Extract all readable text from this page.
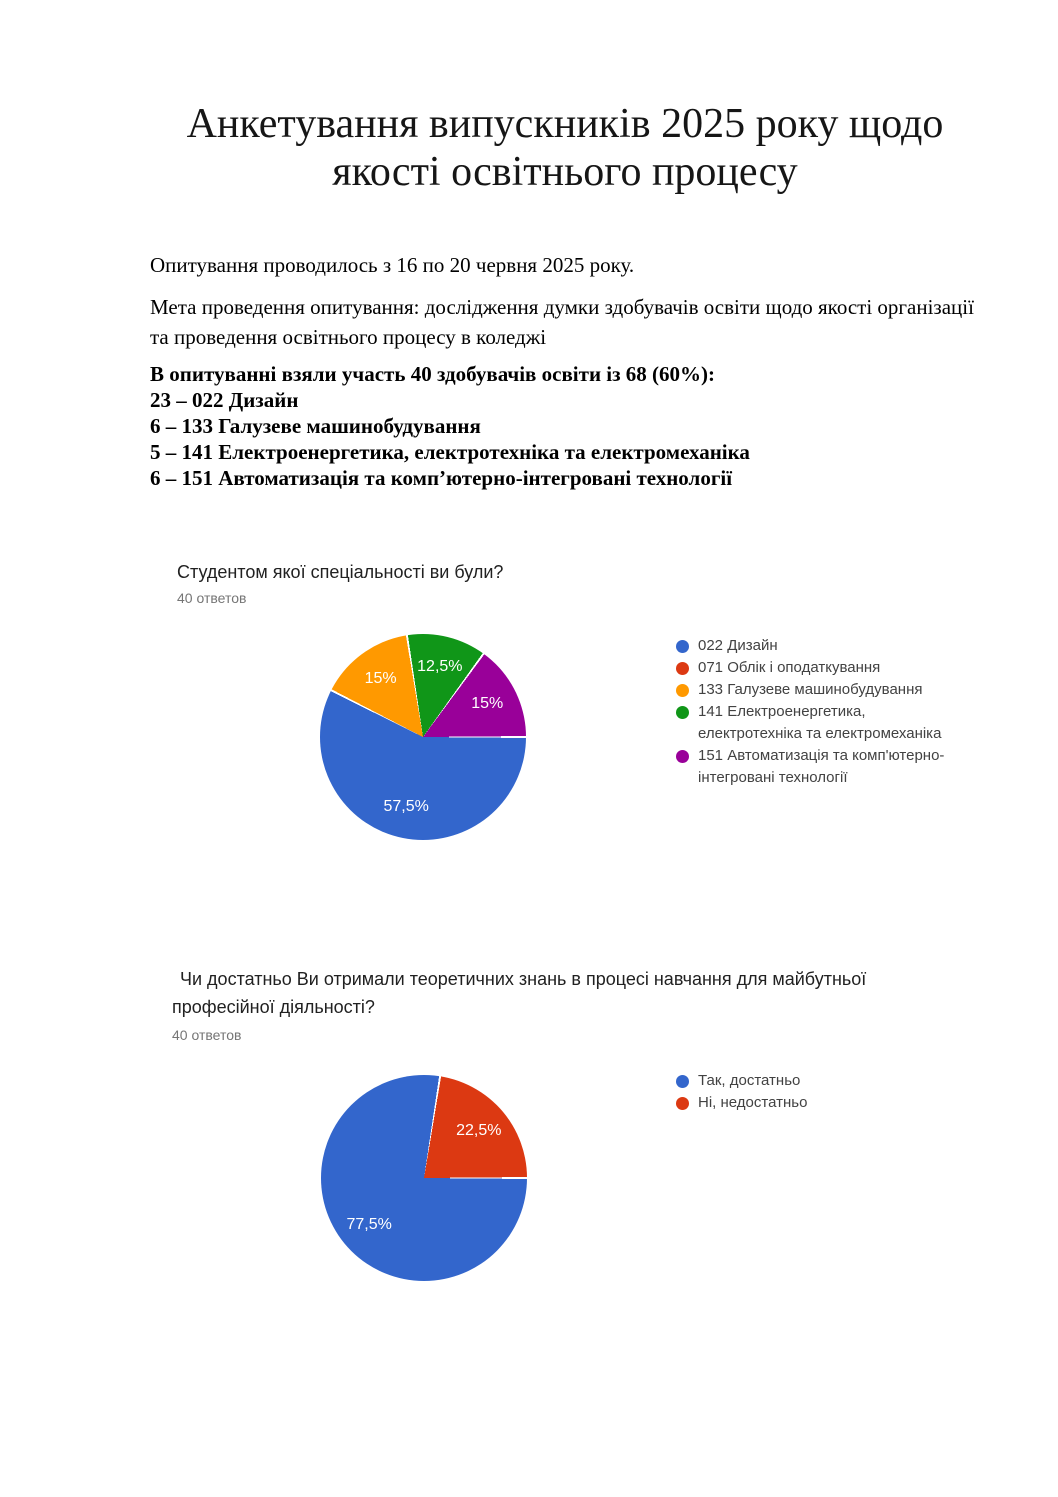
Анкетування випускників 2025 року щодо якості освітнього процесу

Опитування проводилось з 16 по 20 червня 2025 року.

Мета проведення опитування: дослідження думки здобувачів освіти щодо якості організації та проведення освітнього процесу в коледжі

В опитуванні взяли участь 40 здобувачів освіти із 68 (60%):
23 – 022 Дизайн
6 – 133 Галузеве машинобудування
5 – 141 Електроенергетика, електротехніка та електромеханіка
6 – 151 Автоматизація та комп’ютерно-інтегровані технології
Студентом якої спеціальності ви були?
40 ответов
57,5%
15%
12,5%
15%
022 Дизайн
071 Облік і оподаткування
133 Галузеве машинобудування
141 Електроенергетика, електротехніка та електромеханіка
151 Автоматизація та комп'ютерно-інтегровані технології
Чи достатньо Ви отримали теоретичних знань в процесі навчання для майбутньої професійної діяльності?
40 ответов
77,5%
22,5%
Так, достатньо
Ні, недостатньо
